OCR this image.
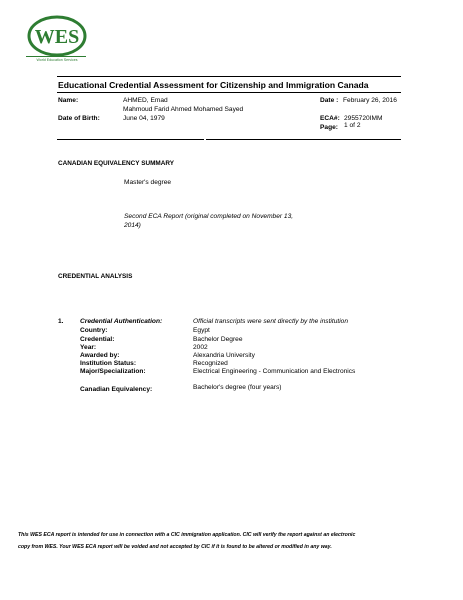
WES
World Education Services
Educational Credential Assessment for Citizenship and Immigration Canada
Name:	AHMED, Emad
Mahmoud Farid Ahmed Mohamed Sayed
Date of Birth:	June 04, 1979
Date : February 26, 2016
ECA#: 2955720IMM
Page: 1 of 2
CANADIAN EQUIVALENCY SUMMARY
Master's degree
Second ECA Report (original completed on November 13,
2014)
CREDENTIAL ANALYSIS
1.	Credential Authentication:	Official transcripts were sent directly by the institution
Country:	Egypt
Credential:	Bachelor Degree
Year:	2002
Awarded by:	Alexandria University
Institution Status:	Recognized
Major/Specialization:	Electrical Engineering - Communication and Electronics
Canadian Equivalency:	Bachelor's degree (four years)
This WES ECA report is intended for use in connection with a CIC immigration application. CIC will verify the report against an electronic
copy from WES. Your WES ECA report will be voided and not accepted by CIC if it is found to be altered or modified in any way.
